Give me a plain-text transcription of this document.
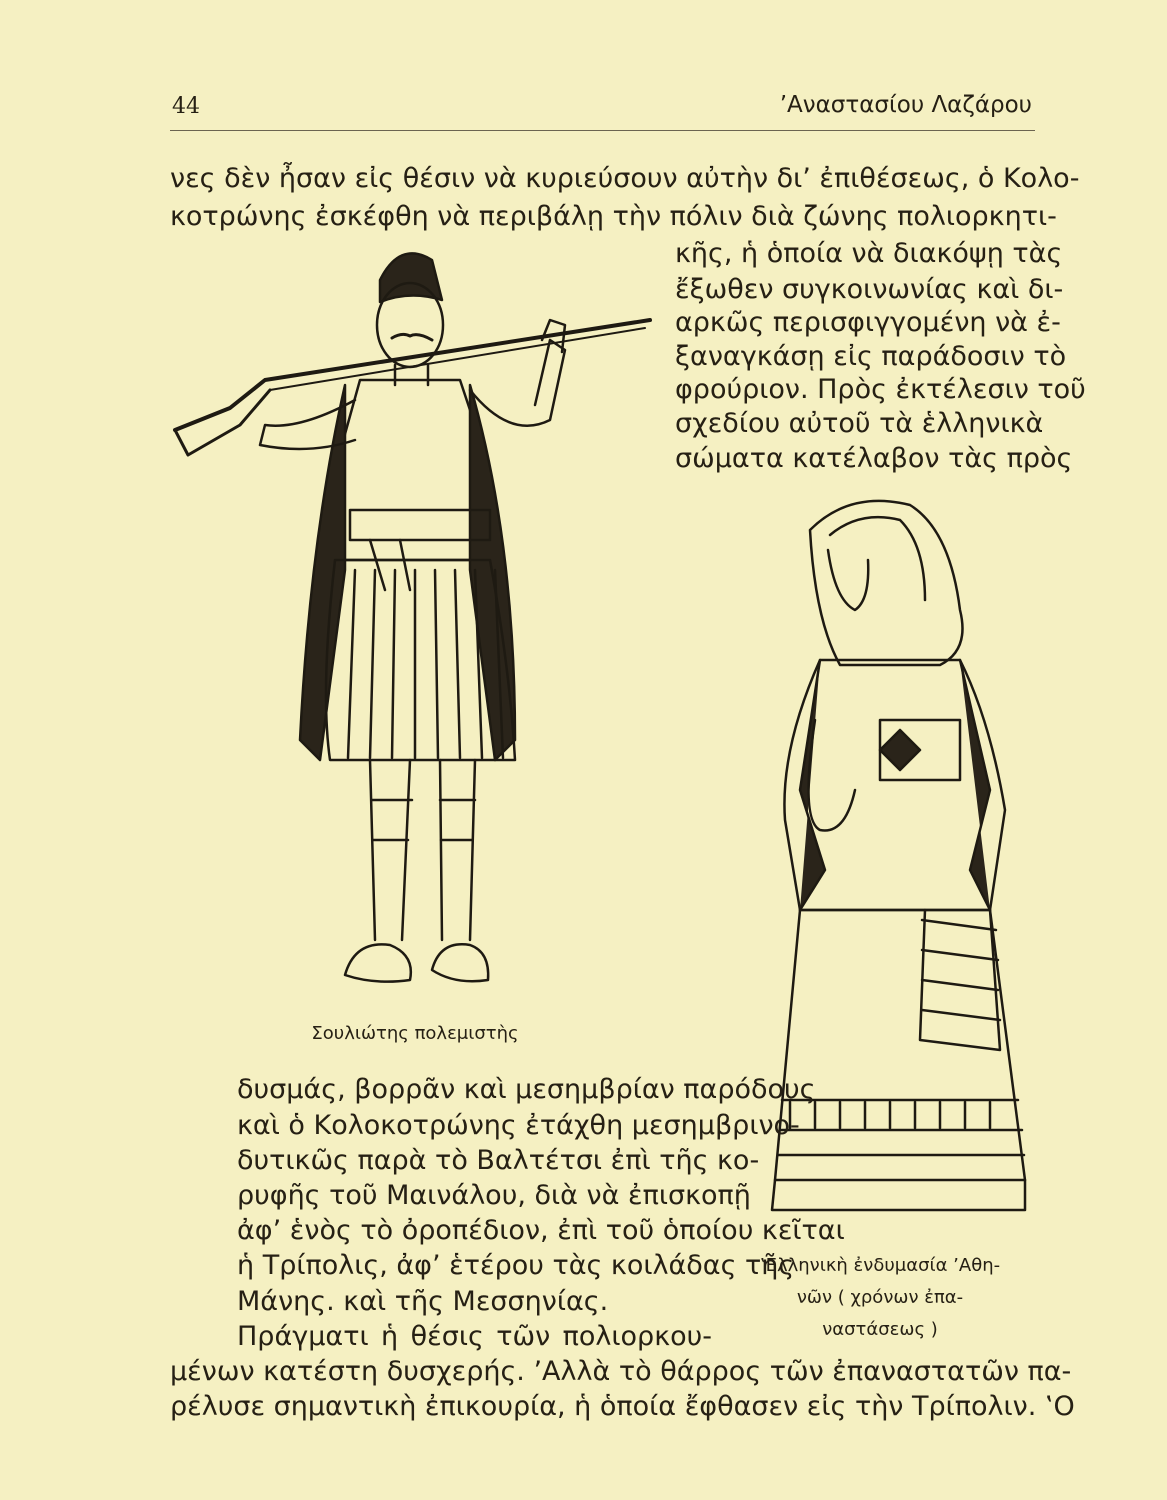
44	’Αναστασίου Λαζάρου
νες δὲν ἦσαν εἰς θέσιν νὰ κυριεύσουν αὐτὴν δι’ ἐπιθέσεως, ὁ Κολο-
κοτρώνης ἐσκέφθη νὰ περιβάλῃ τὴν πόλιν διὰ ζώνης πολιορκητι-
κῆς, ἡ ὁποία νὰ διακόψῃ τὰς
ἔξωθεν συγκοινωνίας καὶ δι-
αρκῶς περισφιγγομένη νὰ ἐ-
ξαναγκάσῃ εἰς παράδοσιν τὸ
φρούριον. Πρὸς ἐκτέλεσιν τοῦ
σχεδίου αὐτοῦ τὰ ἑλληνικὰ
σώματα κατέλαβον τὰς πρὸς
Σουλιώτης πολεμιστὴς
‛Ελληνικὴ ἐνδυμασία ’Αθη-
νῶν ( χρόνων ἐπα-
ναστάσεως )
δυσμάς, βορρᾶν καὶ μεσημβρίαν παρόδους
καὶ ὁ Κολοκοτρώνης ἐτάχθη μεσημβρινο-
δυτικῶς παρὰ τὸ Βαλτέτσι ἐπὶ τῆς κο-
ρυφῆς τοῦ Μαινάλου, διὰ νὰ ἐπισκοπῇ
ἀφ’ ἑνὸς τὸ ὀροπέδιον, ἐπὶ τοῦ ὁποίου κεῖται
ἡ Τρίπολις, ἀφ’ ἑτέρου τὰς κοιλάδας τῆς
Μάνης. καὶ τῆς Μεσσηνίας.
Πράγματι ἡ θέσις τῶν πολιορκου-
μένων κατέστη δυσχερής. ’Αλλὰ τὸ θάρρος τῶν ἐπαναστατῶν πα-
ρέλυσε σημαντικὴ ἐπικουρία, ἡ ὁποία ἔφθασεν εἰς τὴν Τρίπολιν. ‛Ο
